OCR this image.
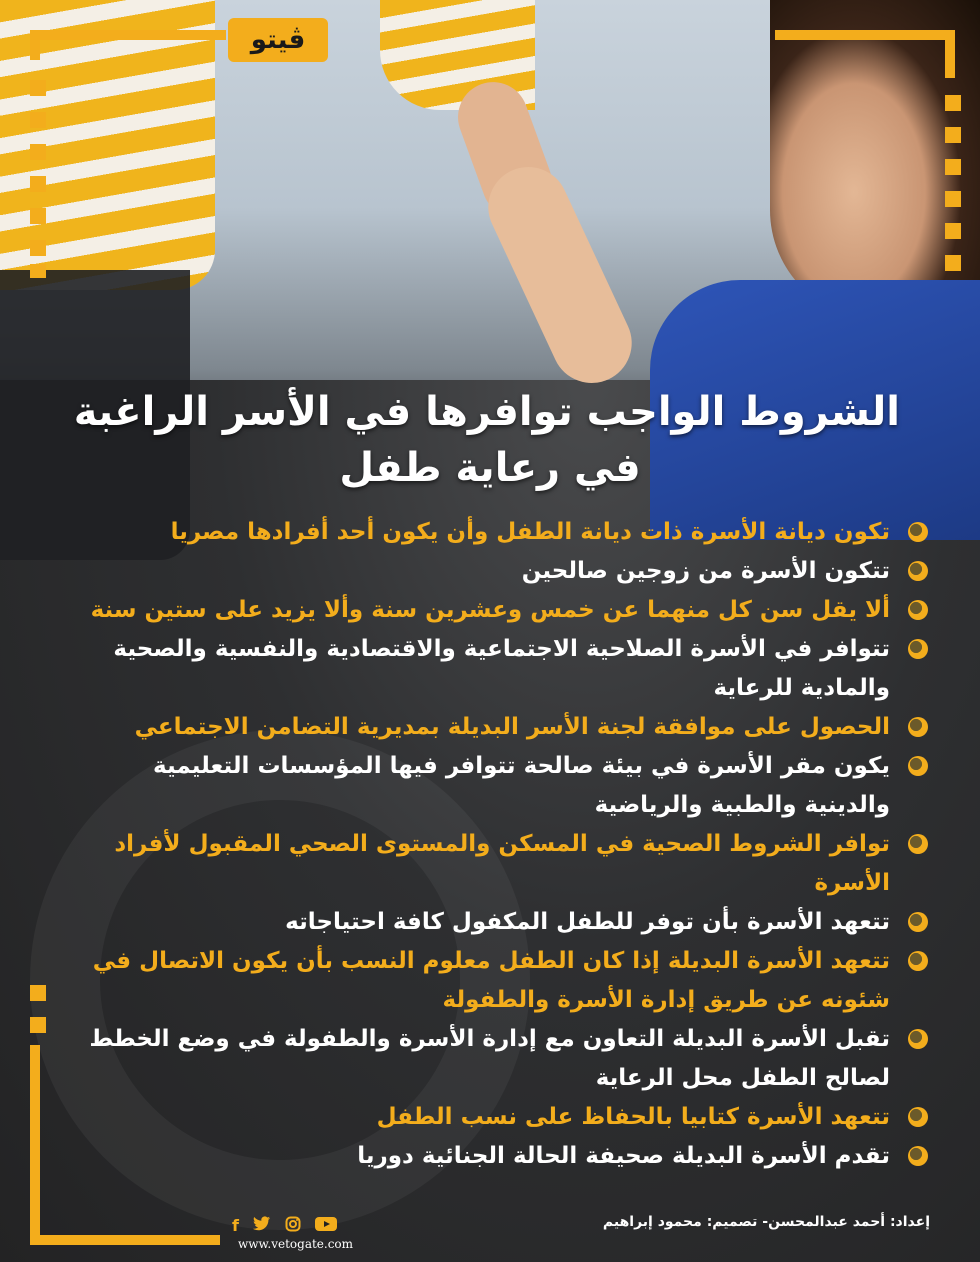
ڤيتو
الشروط الواجب توافرها في الأسر الراغبة
في رعاية طفل
تكون ديانة الأسرة ذات ديانة الطفل وأن يكون أحد أفرادها مصريا
تتكون الأسرة من زوجين صالحين
ألا يقل سن كل منهما عن خمس وعشرين سنة وألا يزيد على ستين سنة
تتوافر في الأسرة الصلاحية الاجتماعية والاقتصادية والنفسية والصحية والمادية للرعاية
الحصول على موافقة لجنة الأسر البديلة بمديرية التضامن الاجتماعي
يكون مقر الأسرة في بيئة صالحة تتوافر فيها المؤسسات التعليمية والدينية والطبية والرياضية
توافر الشروط الصحية في المسكن والمستوى الصحي المقبول لأفراد الأسرة
تتعهد الأسرة بأن توفر للطفل المكفول كافة احتياجاته
تتعهد الأسرة البديلة إذا كان الطفل معلوم النسب بأن يكون الاتصال في شئونه عن طريق إدارة الأسرة والطفولة
تقبل الأسرة البديلة التعاون مع إدارة الأسرة والطفولة في وضع الخطط لصالح الطفل محل الرعاية
تتعهد الأسرة كتابيا بالحفاظ على نسب الطفل
تقدم الأسرة البديلة صحيفة الحالة الجنائية دوريا
إعداد: أحمد عبدالمحسن- تصميم: محمود إبراهيم
f
www.vetogate.com
